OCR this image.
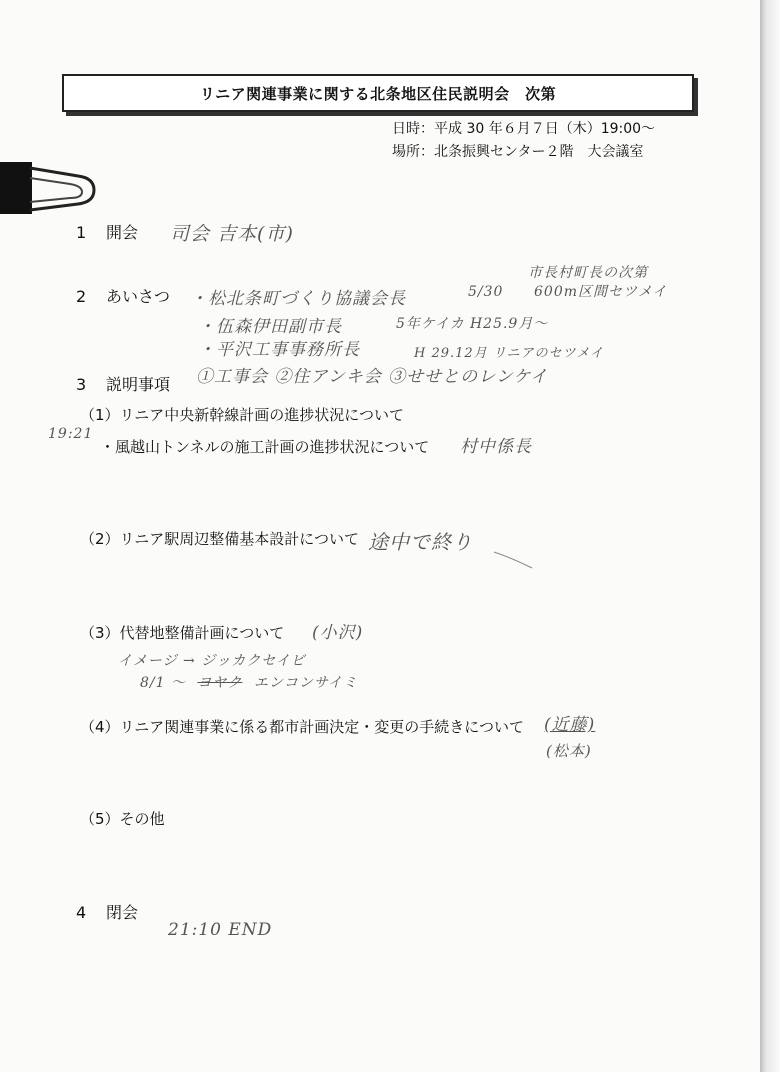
リニア関連事業に関する北条地区住民説明会　次第
日時：平成 30 年６月７日（木）19:00～
場所：北条振興センター２階　大会議室
1 開会 司会 吉本(市)
2 あいさつ ・松北条町づくり協議会長	5/30
市長村町長の次第
600m区間セツメイ
・伍森伊田副市長	5年ケイカ H25.9月～
・平沢工事事務所長	H 29.12月 リニアのセツメイ
①工事会 ②住アンキ会 ③せせとのレンケイ
3 説明事項
（1）リニア中央新幹線計画の進捗状況について
19:21
・風越山トンネルの施工計画の進捗状況について 村中係長
（2）リニア駅周辺整備基本設計について 途中で終り
（3）代替地整備計画について (小沢)
イメージ → ジッカクセイビ
8/1 ～ ヨヤク エンコンサイミ
（4）リニア関連事業に係る都市計画決定・変更の手続きについて (近藤)
(松本)
（5）その他
4 閉会
21:10 END
